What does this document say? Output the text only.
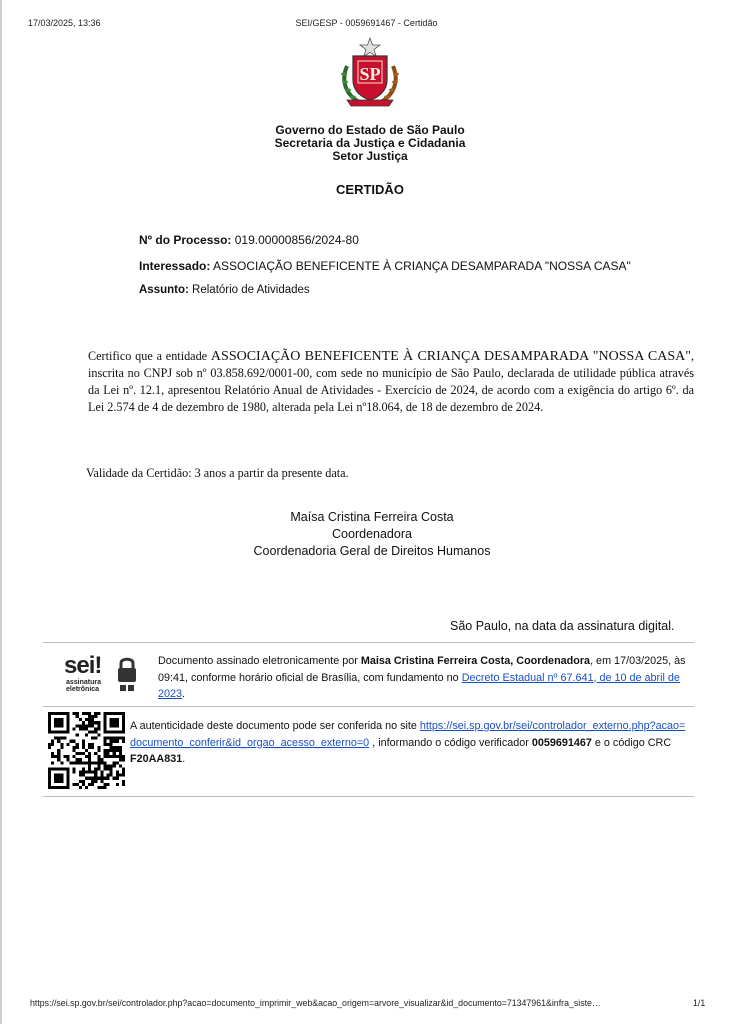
17/03/2025, 13:36	SEI/GESP - 0059691467 - Certidão
SP
Governo do Estado de São Paulo
Secretaria da Justiça e Cidadania
Setor Justiça
CERTIDÃO
Nº do Processo: 019.00000856/2024-80
Interessado: ASSOCIAÇÃO BENEFICENTE À CRIANÇA DESAMPARADA "NOSSA CASA"
Assunto: Relatório de Atividades
Certifico que a entidade ASSOCIAÇÃO BENEFICENTE À CRIANÇA DESAMPARADA "NOSSA CASA", inscrita no CNPJ sob nº 03.858.692/0001-00, com sede no município de São Paulo, declarada de utilidade pública através da Lei nº. 12.1, apresentou Relatório Anual de Atividades - Exercício de 2024, de acordo com a exigência do artigo 6º. da Lei 2.574 de 4 de dezembro de 1980, alterada pela Lei nº18.064, de 18 de dezembro de 2024.
Validade da Certidão: 3 anos a partir da presente data.
Maísa Cristina Ferreira Costa
Coordenadora
Coordenadoria Geral de Direitos Humanos
São Paulo, na data da assinatura digital.
sei!
assinatura
eletrônica
Documento assinado eletronicamente por Maisa Cristina Ferreira Costa, Coordenadora, em 17/03/2025, às 09:41, conforme horário oficial de Brasília, com fundamento no Decreto Estadual nº 67.641, de 10 de abril de 2023.
A autenticidade deste documento pode ser conferida no site https://sei.sp.gov.br/sei/controlador_externo.php?acao=documento_conferir&id_orgao_acesso_externo=0 , informando o código verificador 0059691467 e o código CRC F20AA831.
https://sei.sp.gov.br/sei/controlador.php?acao=documento_imprimir_web&acao_origem=arvore_visualizar&id_documento=71347961&infra_siste…	1/1
